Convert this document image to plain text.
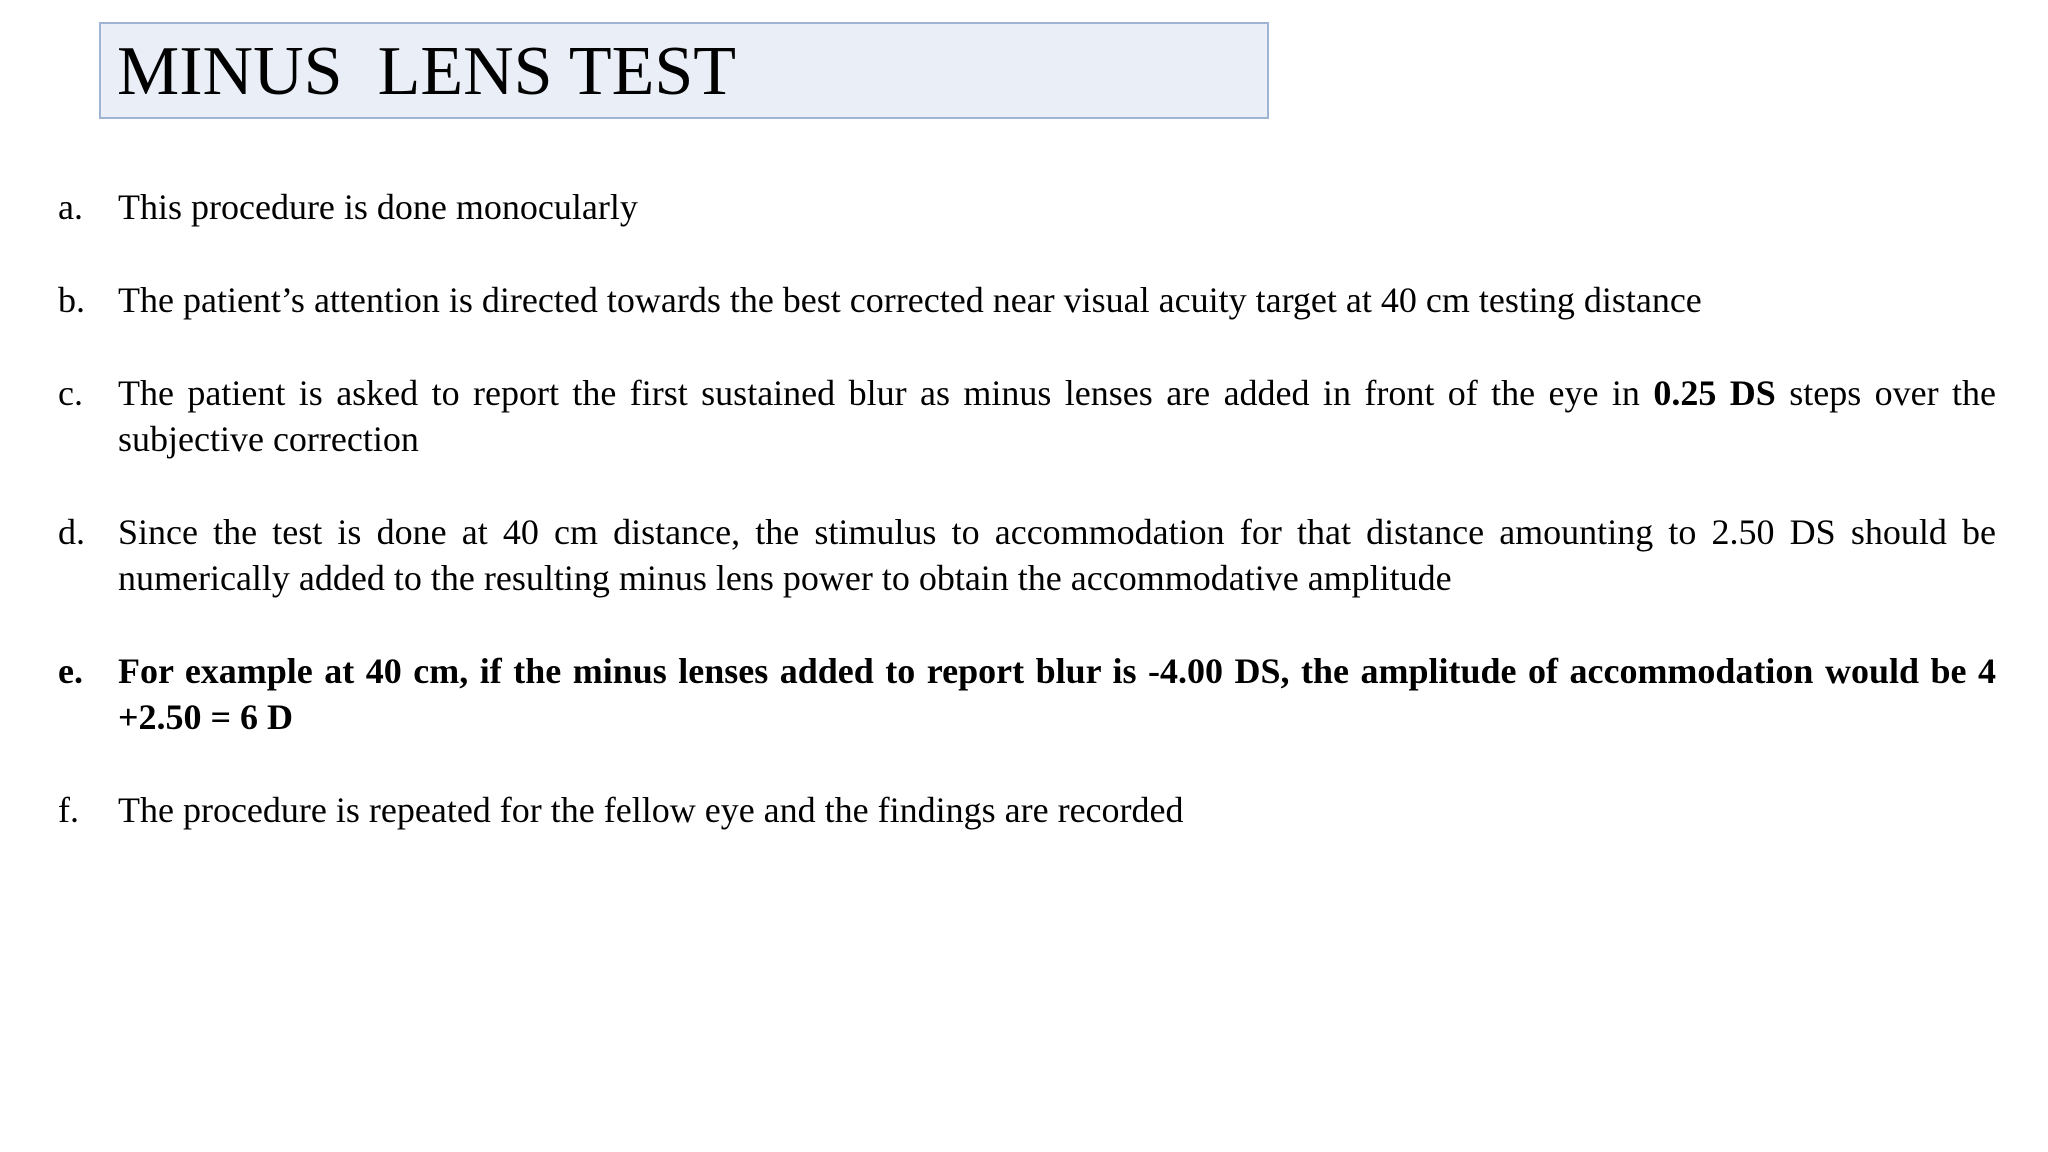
MINUS  LENS TEST
a. This procedure is done monocularly
b. The patient’s attention is directed towards the best corrected near visual acuity target at 40 cm testing distance
c. The patient is asked to report the first sustained blur as minus lenses are added in front of the eye in 0.25 DS steps over the subjective correction
d. Since the test is done at 40 cm distance, the stimulus to accommodation for that distance amounting to 2.50 DS should be numerically added to the resulting minus lens power to obtain the accommodative amplitude
e. For example at 40 cm, if the minus lenses added to report blur is -4.00 DS, the amplitude of accommodation would be 4 +2.50 = 6 D
f.	The procedure is repeated for the fellow eye and the findings are recorded
